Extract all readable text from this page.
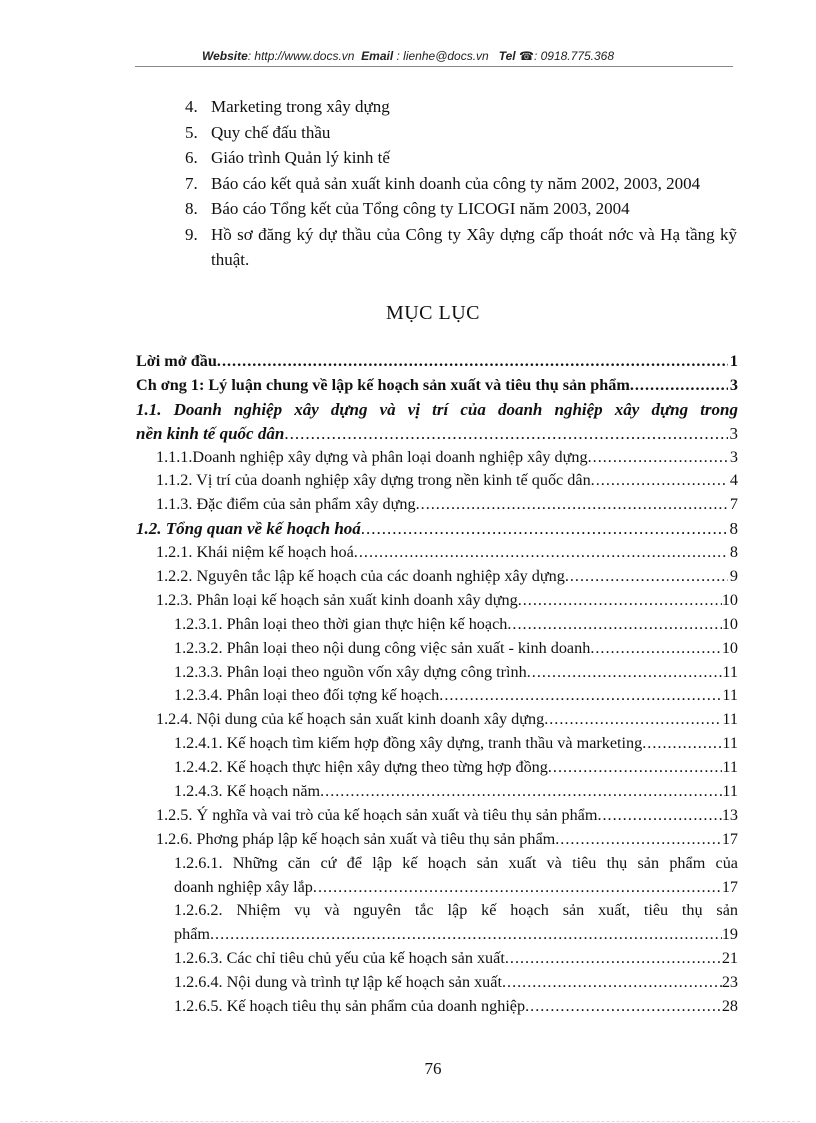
Website: http://www.docs.vn Email : lienhe@docs.vn Tel ☎: 0918.775.368
4. Marketing trong xây dựng
5. Quy chế đấu thầu
6. Giáo trình Quản lý kinh tế
7. Báo cáo kết quả sản xuất kinh doanh của công ty năm 2002, 2003, 2004
8. Báo cáo Tổng kết của Tổng công ty LICOGI năm 2003, 2004
9. Hồ sơ đăng ký dự thầu của Công ty Xây dựng cấp thoát nớc và Hạ tầng kỹ thuật.
MỤC LỤC
Lời mở đầu .....	1
Ch ơng 1: Lý luận chung về lập kế hoạch sản xuất và tiêu thụ sản phẩm .....	3
1.1. Doanh nghiệp xây dựng và vị trí của doanh nghiệp xây dựng trong
nền kinh tế quốc dân .....	3
1.1.1.Doanh nghiệp xây dựng và phân loại doanh nghiệp xây dựng .....	3
1.1.2. Vị trí của doanh nghiệp xây dựng trong nền kinh tế quốc dân .....	4
1.1.3. Đặc điểm của sản phẩm xây dựng .....	7
1.2. Tổng quan về kế hoạch hoá .....	8
1.2.1. Khái niệm kế hoạch hoá .....	8
1.2.2. Nguyên tắc lập kế hoạch của các doanh nghiệp xây dựng .....	9
1.2.3. Phân loại kế hoạch sản xuất kinh doanh xây dựng .....	10
1.2.3.1. Phân loại theo thời gian thực hiện kế hoạch .....	10
1.2.3.2. Phân loại theo nội dung công việc sản xuất - kinh doanh .....	10
1.2.3.3. Phân loại theo nguồn vốn xây dựng công trình .....	11
1.2.3.4. Phân loại theo đối tợng kế hoạch .....	11
1.2.4. Nội dung của kế hoạch sản xuất kinh doanh xây dựng .....	11
1.2.4.1. Kế hoạch tìm kiếm hợp đồng xây dựng, tranh thầu và marketing .....	11
1.2.4.2. Kế hoạch thực hiện xây dựng theo từng hợp đồng .....	11
1.2.4.3. Kế hoạch năm .....	11
1.2.5. Ý nghĩa và vai trò của kế hoạch sản xuất và tiêu thụ sản phẩm .....	13
1.2.6. Phơng pháp lập kế hoạch sản xuất và tiêu thụ sản phẩm .....	17
1.2.6.1. Những căn cứ để lập kế hoạch sản xuất và tiêu thụ sản phẩm của
doanh nghiệp xây lắp .....	17
1.2.6.2. Nhiệm vụ và nguyên tắc lập kế hoạch sản xuất, tiêu thụ sản
phẩm .....	19
1.2.6.3. Các chỉ tiêu chủ yếu của kế hoạch sản xuất .....	21
1.2.6.4. Nội dung và trình tự lập kế hoạch sản xuất .....	23
1.2.6.5. Kế hoạch tiêu thụ sản phẩm của doanh nghiệp .....	28
76
